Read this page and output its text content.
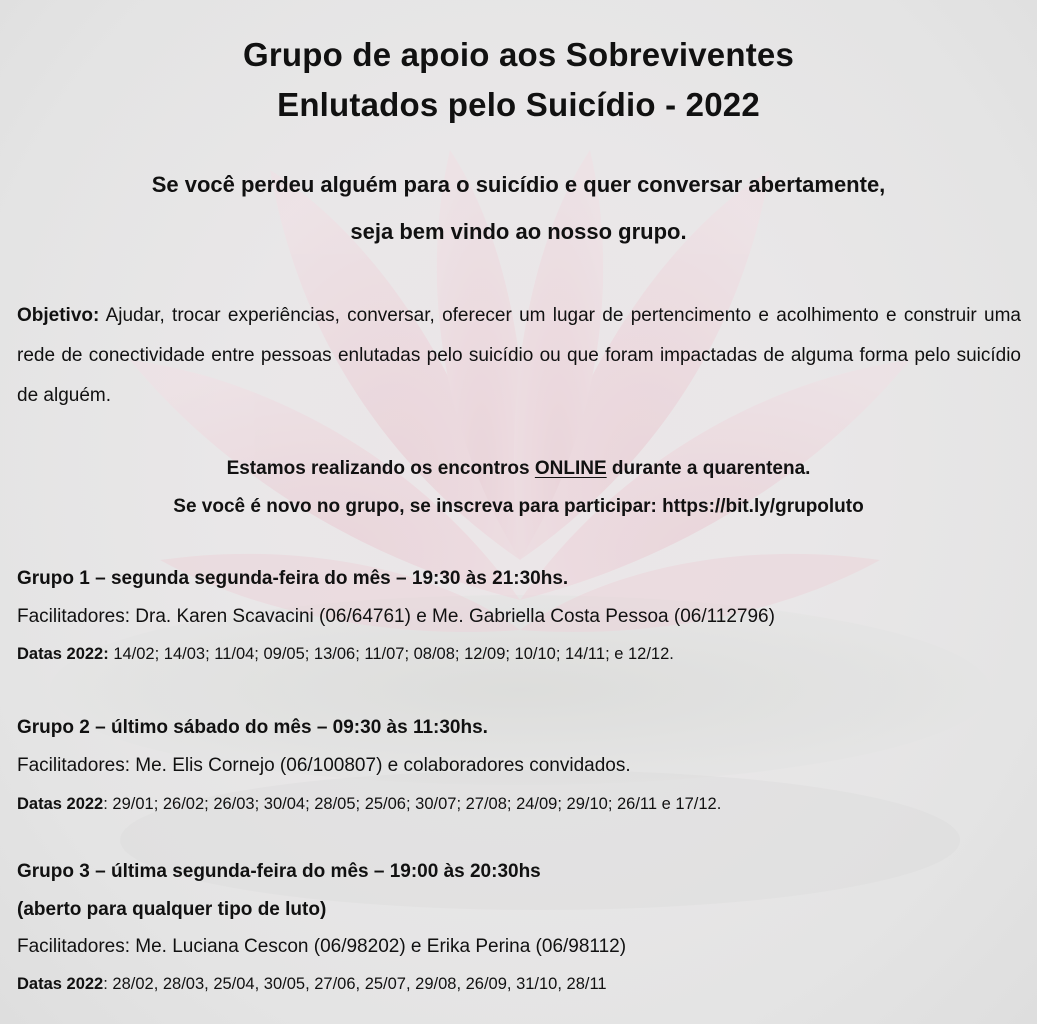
Grupo de apoio aos Sobreviventes
Enlutados pelo Suicídio - 2022
Se você perdeu alguém para o suicídio e quer conversar abertamente,
seja bem vindo ao nosso grupo.
Objetivo: Ajudar, trocar experiências, conversar, oferecer um lugar de pertencimento e acolhimento e construir uma rede de conectividade entre pessoas enlutadas pelo suicídio ou que foram impactadas de alguma forma pelo suicídio de alguém.
Estamos realizando os encontros ONLINE durante a quarentena.
Se você é novo no grupo, se inscreva para participar: https://bit.ly/grupoluto
Grupo 1 – segunda segunda-feira do mês – 19:30 às 21:30hs.
Facilitadores: Dra. Karen Scavacini (06/64761) e Me. Gabriella Costa Pessoa (06/112796)
Datas 2022: 14/02; 14/03; 11/04; 09/05; 13/06; 11/07; 08/08; 12/09; 10/10; 14/11; e 12/12.
Grupo 2 – último sábado do mês – 09:30 às 11:30hs.
Facilitadores: Me. Elis Cornejo (06/100807) e colaboradores convidados.
Datas 2022: 29/01; 26/02; 26/03; 30/04; 28/05; 25/06; 30/07; 27/08; 24/09; 29/10; 26/11 e 17/12.
Grupo 3 – última segunda-feira do mês – 19:00 às 20:30hs
(aberto para qualquer tipo de luto)
Facilitadores: Me. Luciana Cescon (06/98202) e Erika Perina (06/98112)
Datas 2022: 28/02, 28/03, 25/04, 30/05, 27/06, 25/07, 29/08, 26/09, 31/10, 28/11
